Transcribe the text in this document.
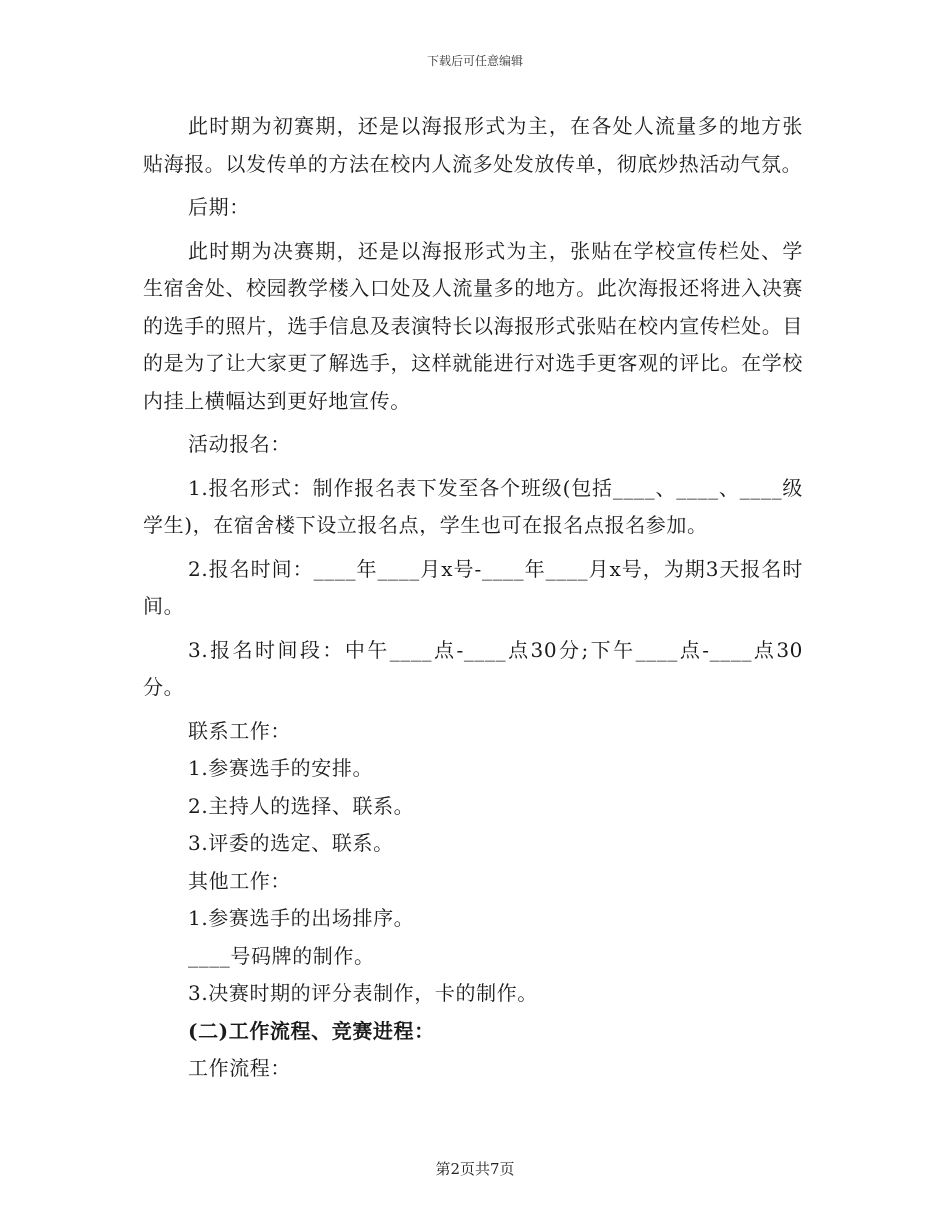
下载后可任意编辑

此时期为初赛期，还是以海报形式为主，在各处人流量多的地方张贴海报。以发传单的方法在校内人流多处发放传单，彻底炒热活动气氛。

后期：

此时期为决赛期，还是以海报形式为主，张贴在学校宣传栏处、学生宿舍处、校园教学楼入口处及人流量多的地方。此次海报还将进入决赛的选手的照片，选手信息及表演特长以海报形式张贴在校内宣传栏处。目的是为了让大家更了解选手，这样就能进行对选手更客观的评比。在学校内挂上横幅达到更好地宣传。

活动报名：

1.报名形式：制作报名表下发至各个班级(包括____、____、____级学生)，在宿舍楼下设立报名点，学生也可在报名点报名参加。

2.报名时间：____年____月x号-____年____月x号，为期3天报名时间。

3.报名时间段：中午____点-____点30分;下午____点-____点30分。

联系工作：

1.参赛选手的安排。

2.主持人的选择、联系。

3.评委的选定、联系。

其他工作：

1.参赛选手的出场排序。

____号码牌的制作。

3.决赛时期的评分表制作，卡的制作。

(二)工作流程、竞赛进程：

工作流程：

第2页共7页
